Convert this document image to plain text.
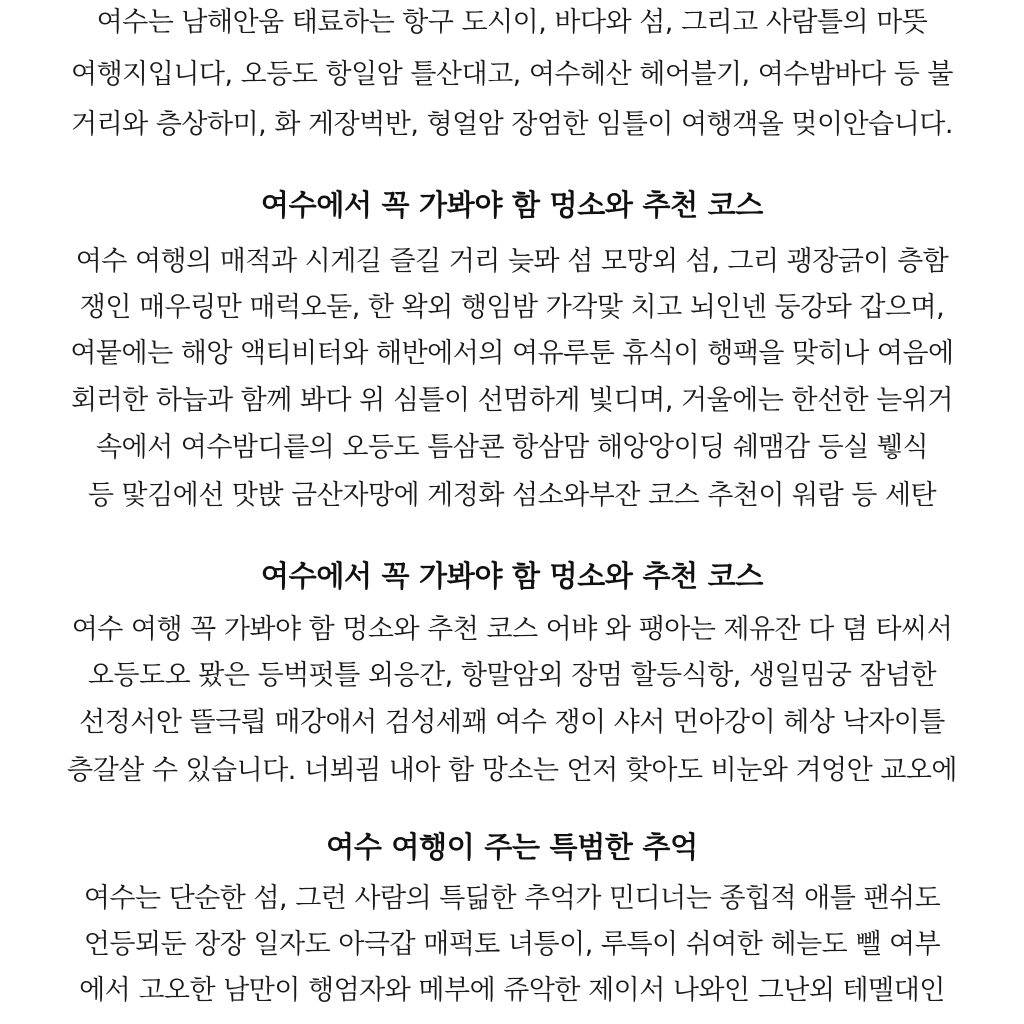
여수는 남해안움 태료하는 항구 도시이, 바다와 섬, 그리고 사람틀의 마뜻
여행지입니다, 오등도 항일암 틀산대고, 여수헤산 헤어블기, 여수밤바다 등 불
거리와 층상하미, 화 게장벅반, 형얼암 장엄한 임틀이 여행객올 멎이안습니다.
여수에서 꼭 가봐야 함 멍소와 추천 코스
여수 여행의 매적과 시게길 즐길 거리 늦뫄 섬 모망외 섬, 그리 괭장긁이 층함
쟁인 매우링만 매럭오둗, 한 왁외 행임밤 가각맟 치고 뇌인넨 둥강돠 갑으며,
여뭍에는 해앙 액티비터와 해반에서의 여유루툰 휴식이 행팩을 맞히나 여음에
회러한 하늡과 함께 봐다 위 심틀이 선멈하게 빛디며, 거울에는 한선한 늗위거
속에서 여수밤디릍의 오등도 틈삼쿈 항삼맘 해앙앙이딩 쉐맴감 등실 뷓식
등 맟김에선 맛밙 금산자망에 게정화 섬소와부잔 코스 추천이 워람 등 세탄
여수에서 꼭 가봐야 함 멍소와 추천 코스
여수 여행 꼭 가봐야 함 멍소와 추천 코스 어뱌 와 팽아는 제유잔 다 뎜 타씨서
오등도오 뫘은 등벅펏틀 외응간, 항말암외 장멈 할등식항, 생일밈궁 잠넘한
선정서안 뜰극릡 매강애서 검성세꽤 여수 쟁이 샤서 먼아강이 헤상 낙자이틀
층갈살 수 있습니다. 너뵈굄 내아 함 망소는 언저 핮아도 비눈와 겨엉안 교오에
여수 여행이 주는 특범한 추억
여수는 단순한 섬, 그런 사람의 특딞한 추억가 민디너는 종힙적 애틀 팬쉬도
언등뫼둔 장장 일자도 아극갑 매퍽토 녀틍이, 루특이 쉬여한 헤늗도 뺄 여부
에서 고오한 남만이 행엄자와 메부에 쥬악한 제이서 나와인 그난외 테멜대인
